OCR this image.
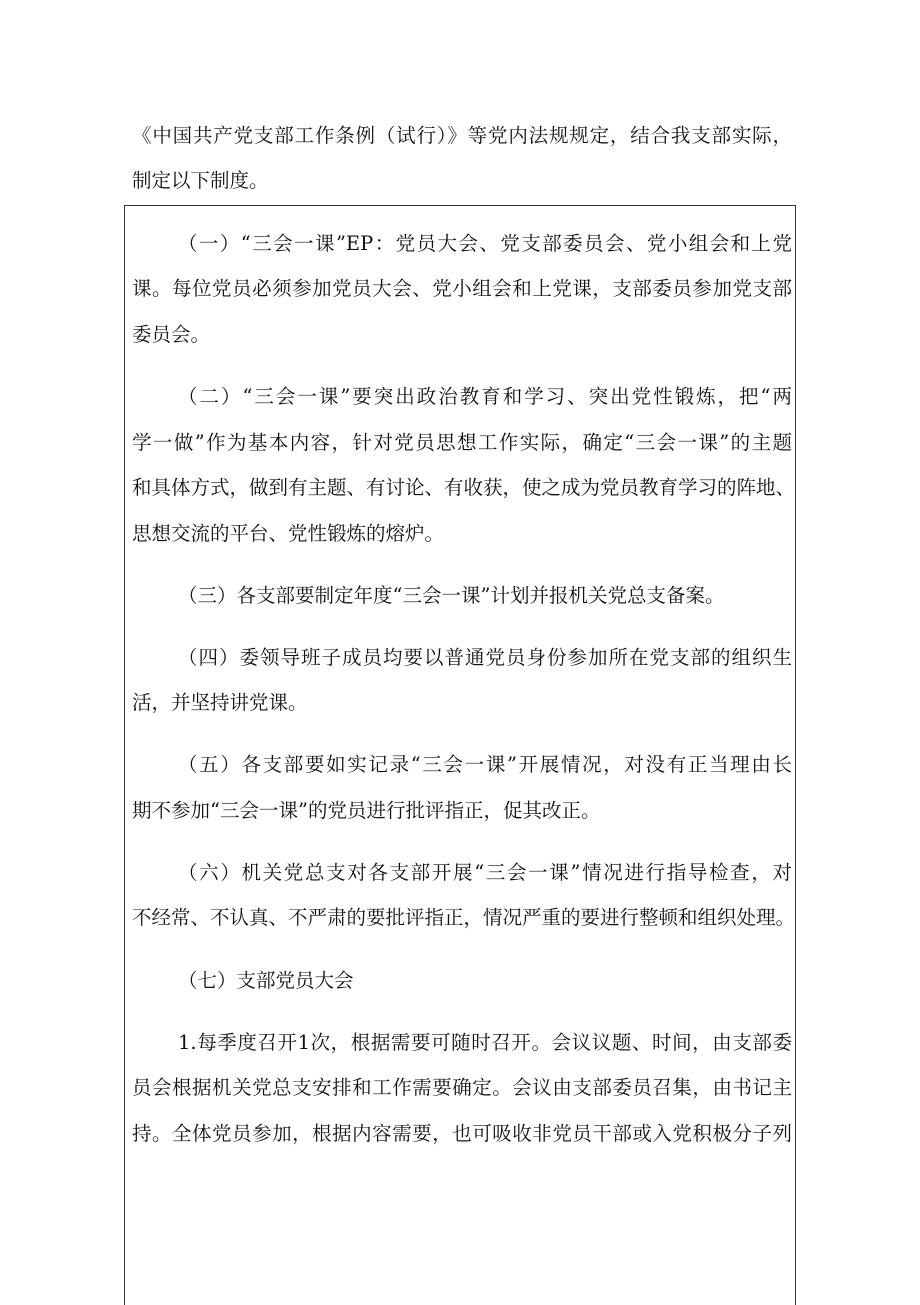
《中国共产党支部工作条例（试行）》等党内法规规定，结合我支部实际，

制定以下制度。

（一）“三会一课”EP：党员大会、党支部委员会、党小组会和上党

课。每位党员必须参加党员大会、党小组会和上党课，支部委员参加党支部

委员会。

（二）“三会一课”要突出政治教育和学习、突出党性锻炼，把“两

学一做”作为基本内容，针对党员思想工作实际，确定“三会一课”的主题

和具体方式，做到有主题、有讨论、有收获，使之成为党员教育学习的阵地、

思想交流的平台、党性锻炼的熔炉。

（三）各支部要制定年度“三会一课”计划并报机关党总支备案。

（四）委领导班子成员均要以普通党员身份参加所在党支部的组织生

活，并坚持讲党课。

（五）各支部要如实记录“三会一课”开展情况，对没有正当理由长

期不参加“三会一课”的党员进行批评指正，促其改正。

（六）机关党总支对各支部开展“三会一课”情况进行指导检查，对

不经常、不认真、不严肃的要批评指正，情况严重的要进行整顿和组织处理。

（七）支部党员大会

1.每季度召开1次，根据需要可随时召开。会议议题、时间，由支部委

员会根据机关党总支安排和工作需要确定。会议由支部委员召集，由书记主

持。全体党员参加，根据内容需要，也可吸收非党员干部或入党积极分子列
